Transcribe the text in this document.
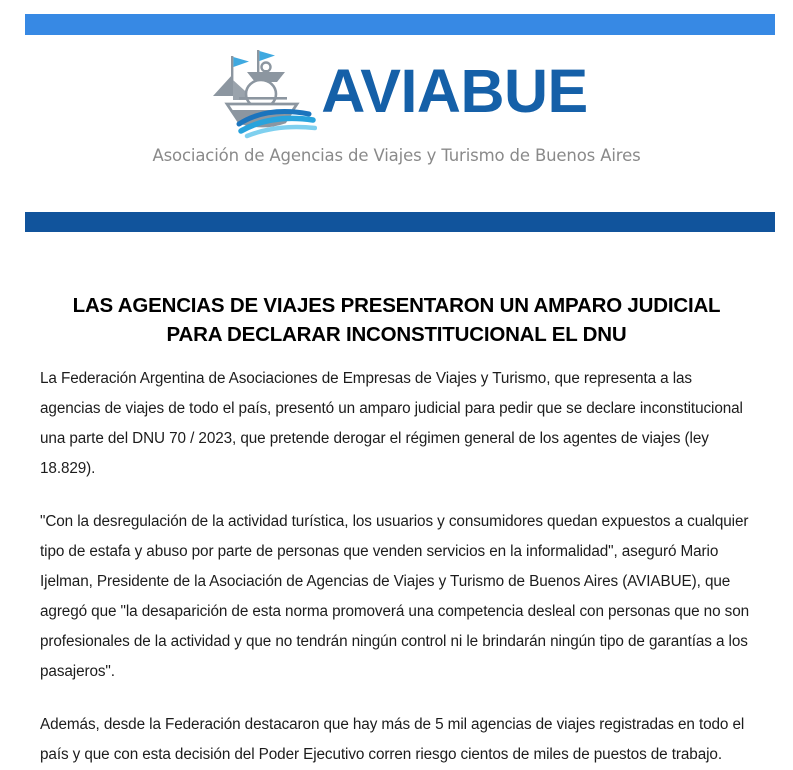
AVIABUE
Asociación de Agencias de Viajes y Turismo de Buenos Aires
LAS AGENCIAS DE VIAJES PRESENTARON UN AMPARO JUDICIAL
PARA DECLARAR INCONSTITUCIONAL EL DNU

La Federación Argentina de Asociaciones de Empresas de Viajes y Turismo, que representa a las agencias de viajes de todo el país, presentó un amparo judicial para pedir que se declare inconstitucional una parte del DNU 70 / 2023, que pretende derogar el régimen general de los agentes de viajes (ley 18.829).

"Con la desregulación de la actividad turística, los usuarios y consumidores quedan expuestos a cualquier tipo de estafa y abuso por parte de personas que venden servicios en la informalidad", aseguró Mario Ijelman, Presidente de la Asociación de Agencias de Viajes y Turismo de Buenos Aires (AVIABUE), que agregó que "la desaparición de esta norma promoverá una competencia desleal con personas que no son profesionales de la actividad y que no tendrán ningún control ni le brindarán ningún tipo de garantías a los pasajeros".

Además, desde la Federación destacaron que hay más de 5 mil agencias de viajes registradas en todo el país y que con esta decisión del Poder Ejecutivo corren riesgo cientos de miles de puestos de trabajo.
